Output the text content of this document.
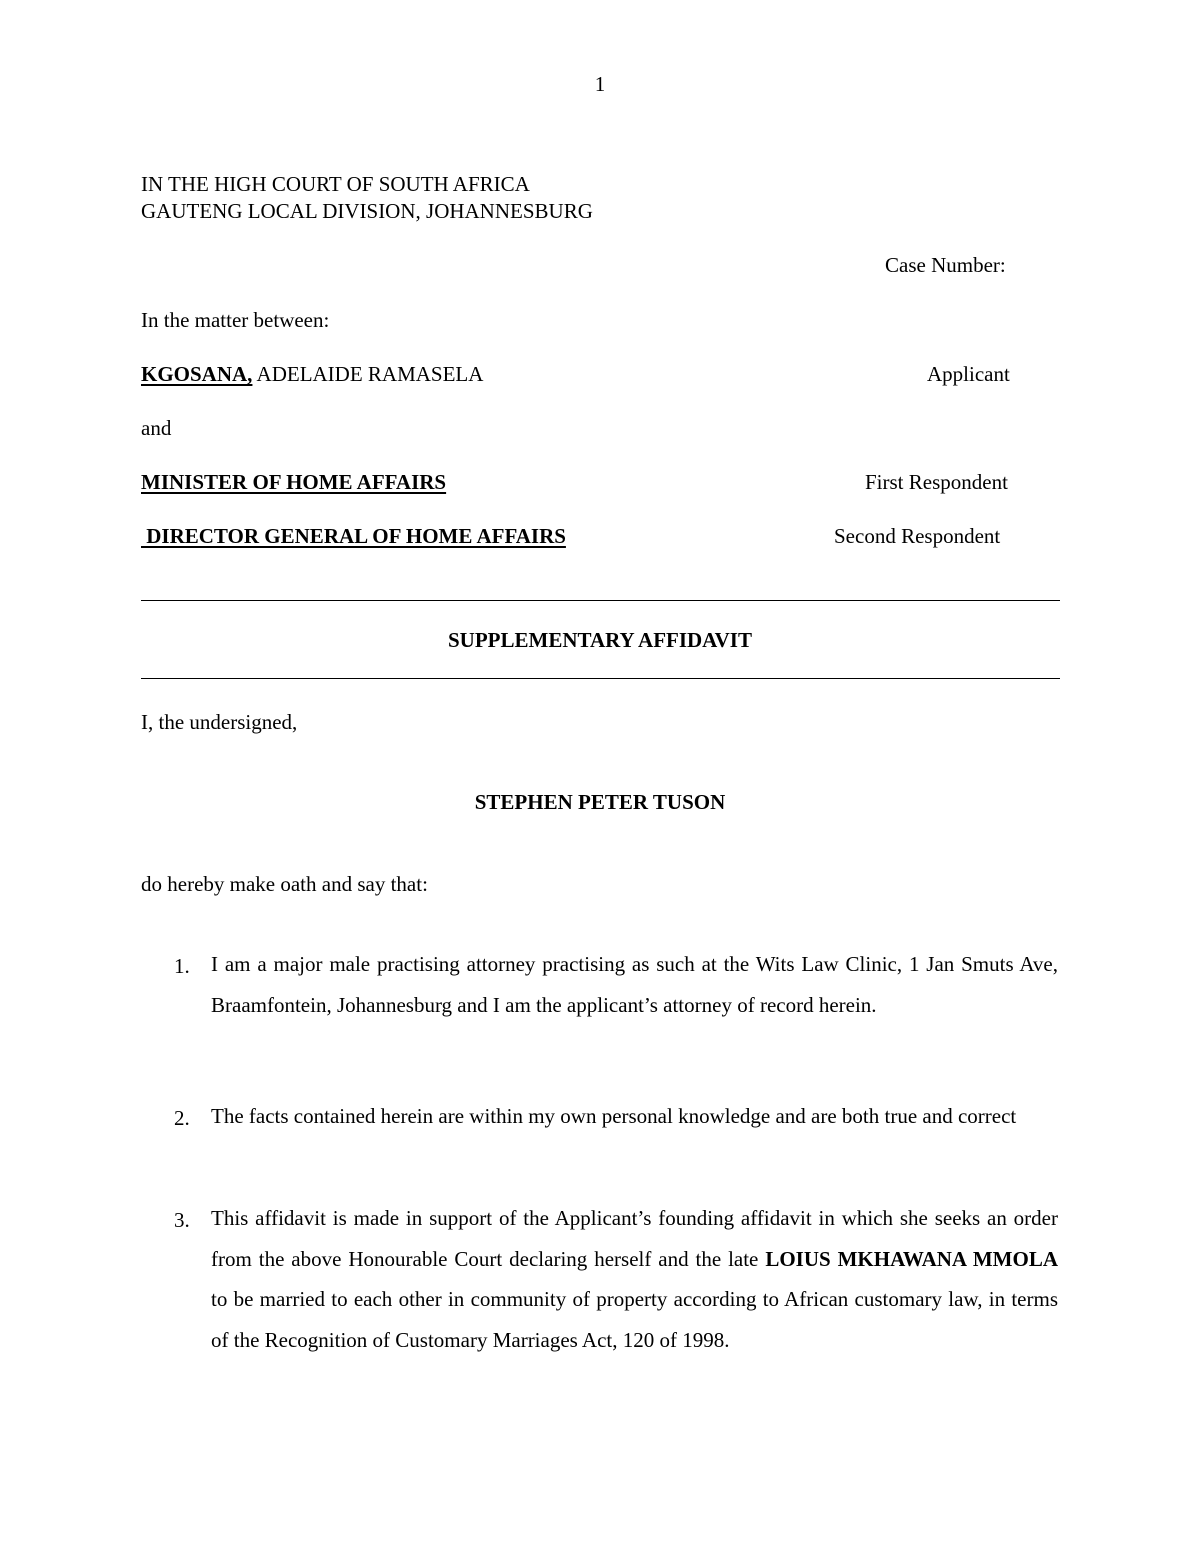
1
IN THE HIGH COURT OF SOUTH AFRICA
GAUTENG LOCAL DIVISION, JOHANNESBURG
Case Number:
In the matter between:
KGOSANA, ADELAIDE RAMASELA	Applicant
and
MINISTER OF HOME AFFAIRS	First Respondent
DIRECTOR GENERAL OF HOME AFFAIRS	Second Respondent
SUPPLEMENTARY AFFIDAVIT
I, the undersigned,
STEPHEN PETER TUSON
do hereby make oath and say that:
1.	I am a major male practising attorney practising as such at the Wits Law Clinic, 1 Jan Smuts Ave, Braamfontein, Johannesburg and I am the applicant’s attorney of record herein.
2.	The facts contained herein are within my own personal knowledge and are both true and correct
3.	This affidavit is made in support of the Applicant’s founding affidavit in which she seeks an order from the above Honourable Court declaring herself and the late LOIUS MKHAWANA MMOLA to be married to each other in community of property according to African customary law, in terms of the Recognition of Customary Marriages Act, 120 of 1998.
